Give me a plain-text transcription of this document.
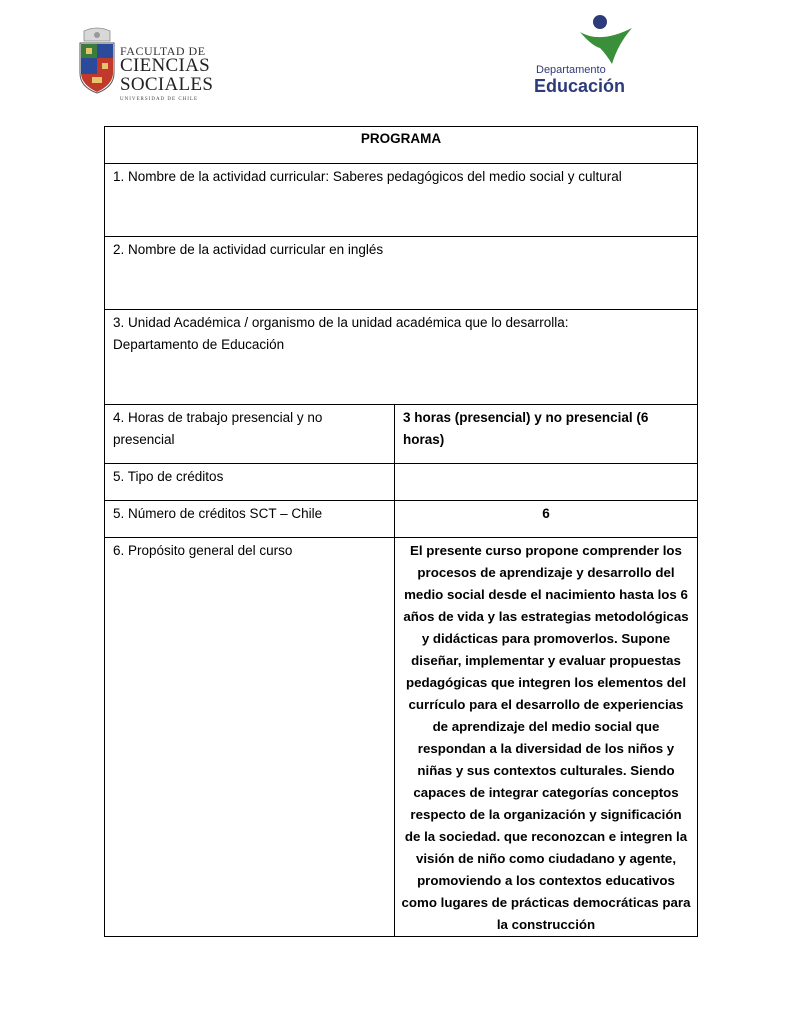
FACULTAD DE
CIENCIAS
SOCIALES
UNIVERSIDAD DE CHILE
Departamento
Educación
PROGRAMA	
1. Nombre de la actividad curricular: Saberes pedagógicos del medio social y cultural	
2. Nombre de la actividad curricular en inglés	

3. Unidad Académica / organismo de la unidad académica que lo desarrolla:
Departamento de Educación	

4. Horas de trabajo presencial y no presencial	3 horas (presencial) y no presencial (6 horas)
5. Tipo de créditos	
5. Número de créditos SCT – Chile	6
6. Propósito general del curso	El presente curso propone comprender los procesos de aprendizaje y desarrollo del medio social desde el nacimiento hasta los 6 años de vida y las estrategias metodológicas y didácticas para promoverlos. Supone diseñar, implementar y evaluar propuestas pedagógicas que integren los elementos del currículo para el desarrollo de experiencias de aprendizaje del medio social que respondan a la diversidad de los niños y niñas y sus contextos culturales. Siendo capaces de integrar categorías conceptos respecto de la organización y significación de la sociedad. que reconozcan e integren la visión de niño como ciudadano y agente, promoviendo a los contextos educativos como lugares de prácticas democráticas para la construcción
